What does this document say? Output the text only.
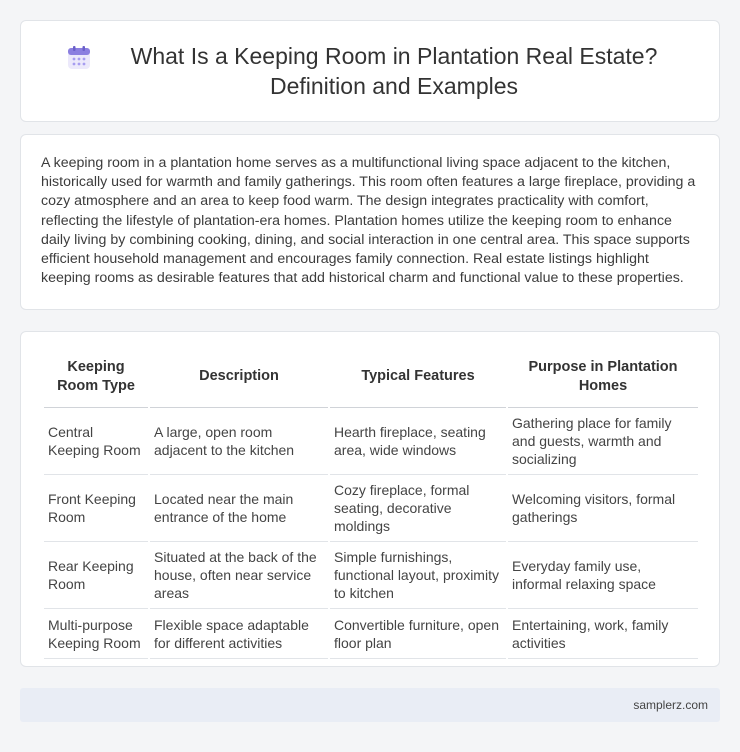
What Is a Keeping Room in Plantation Real Estate? Definition and Examples

A keeping room in a plantation home serves as a multifunctional living space adjacent to the kitchen, historically used for warmth and family gatherings. This room often features a large fireplace, providing a cozy atmosphere and an area to keep food warm. The design integrates practicality with comfort, reflecting the lifestyle of plantation-era homes. Plantation homes utilize the keeping room to enhance daily living by combining cooking, dining, and social interaction in one central area. This space supports efficient household management and encourages family connection. Real estate listings highlight keeping rooms as desirable features that add historical charm and functional value to these properties.

Keeping Room Type	Description	Typical Features	Purpose in Plantation Homes
Central Keeping Room	A large, open room adjacent to the kitchen	Hearth fireplace, seating area, wide windows	Gathering place for family and guests, warmth and socializing
Front Keeping Room	Located near the main entrance of the home	Cozy fireplace, formal seating, decorative moldings	Welcoming visitors, formal gatherings
Rear Keeping Room	Situated at the back of the house, often near service areas	Simple furnishings, functional layout, proximity to kitchen	Everyday family use, informal relaxing space
Multi-purpose Keeping Room	Flexible space adaptable for different activities	Convertible furniture, open floor plan	Entertaining, work, family activities
samplerz.com
